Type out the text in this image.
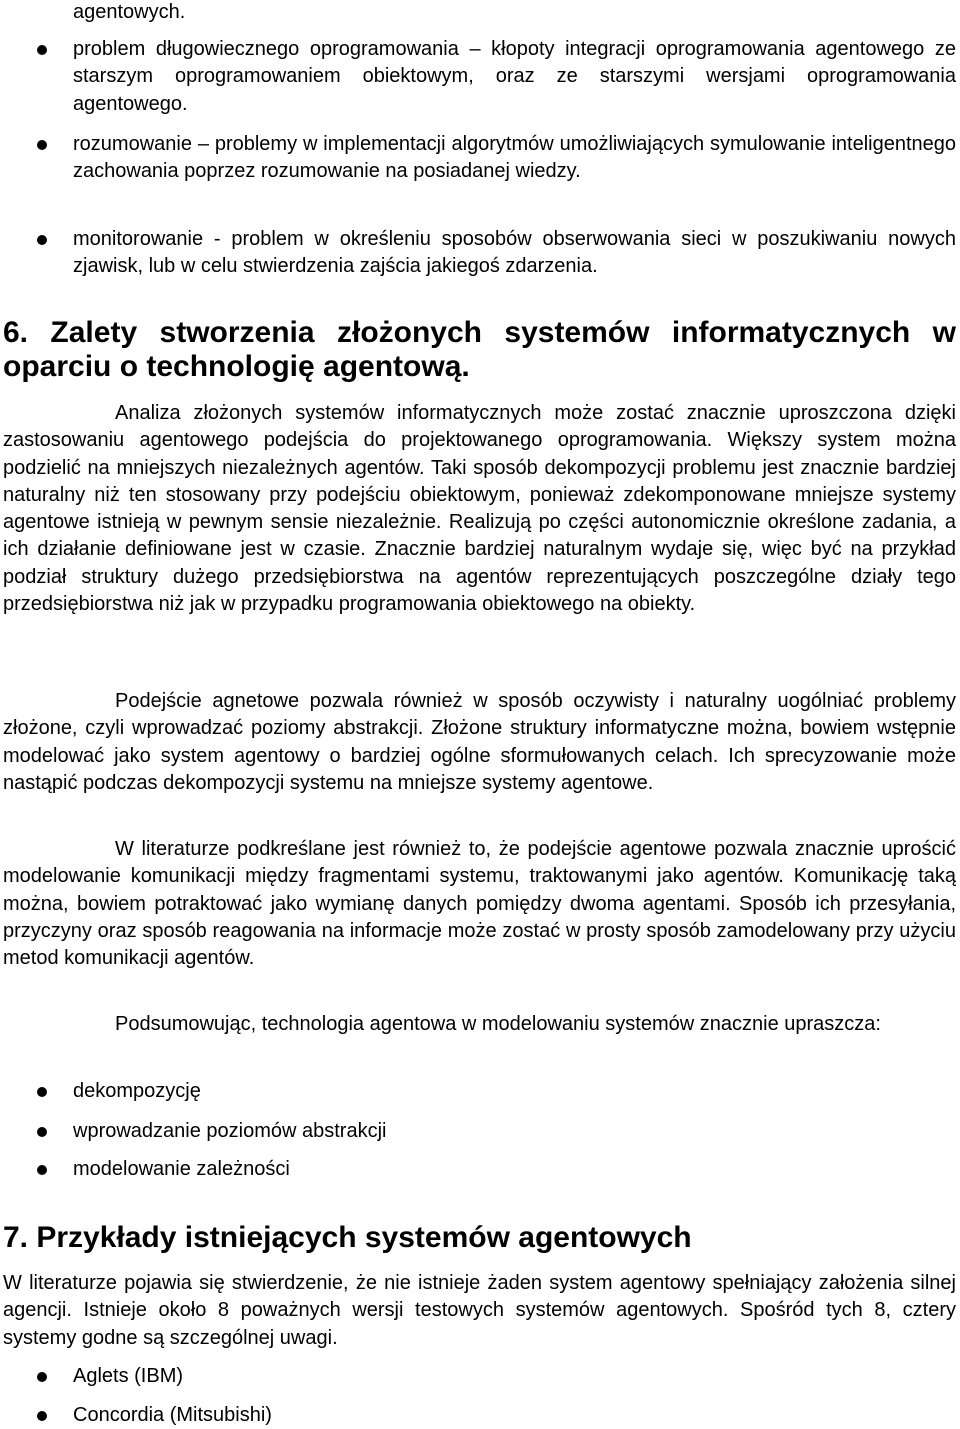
agentowych.

problem długowiecznego oprogramowania – kłopoty integracji oprogramowania agentowego ze starszym oprogramowaniem obiektowym, oraz ze starszymi wersjami oprogramowania agentowego.

rozumowanie – problemy w implementacji algorytmów umożliwiających symulowanie inteligentnego zachowania poprzez rozumowanie na posiadanej wiedzy.

monitorowanie - problem w określeniu sposobów obserwowania sieci w poszukiwaniu nowych zjawisk, lub w celu stwierdzenia zajścia jakiegoś zdarzenia.

6. Zalety stworzenia złożonych systemów informatycznych w oparciu o technologię agentową.

Analiza złożonych systemów informatycznych może zostać znacznie uproszczona dzięki zastosowaniu agentowego podejścia do projektowanego oprogramowania. Większy system można podzielić na mniejszych niezależnych agentów. Taki sposób dekompozycji problemu jest znacznie bardziej naturalny niż ten stosowany przy podejściu obiektowym, ponieważ zdekomponowane mniejsze systemy agentowe istnieją w pewnym sensie niezależnie. Realizują po części autonomicznie określone zadania, a ich działanie definiowane jest w czasie. Znacznie bardziej naturalnym wydaje się, więc być na przykład podział struktury dużego przedsiębiorstwa na agentów reprezentujących poszczególne działy tego przedsiębiorstwa niż jak w przypadku programowania obiektowego na obiekty.

Podejście agnetowe pozwala również w sposób oczywisty i naturalny uogólniać problemy złożone, czyli wprowadzać poziomy abstrakcji. Złożone struktury informatyczne można, bowiem wstępnie modelować jako system agentowy o bardziej ogólne sformułowanych celach. Ich sprecyzowanie może nastąpić podczas dekompozycji systemu na mniejsze systemy agentowe.

W literaturze podkreślane jest również to, że podejście agentowe pozwala znacznie uprościć modelowanie komunikacji między fragmentami systemu, traktowanymi jako agentów. Komunikację taką można, bowiem potraktować jako wymianę danych pomiędzy dwoma agentami. Sposób ich przesyłania, przyczyny oraz sposób reagowania na informacje może zostać w prosty sposób zamodelowany przy użyciu metod komunikacji agentów.

Podsumowując, technologia agentowa w modelowaniu systemów znacznie upraszcza:

dekompozycję

wprowadzanie poziomów abstrakcji

modelowanie zależności

7. Przykłady istniejących systemów agentowych

W literaturze pojawia się stwierdzenie, że nie istnieje żaden system agentowy spełniający założenia silnej agencji. Istnieje około 8 poważnych wersji testowych systemów agentowych. Spośród tych 8, cztery systemy godne są szczególnej uwagi.

Aglets (IBM)

Concordia (Mitsubishi)
